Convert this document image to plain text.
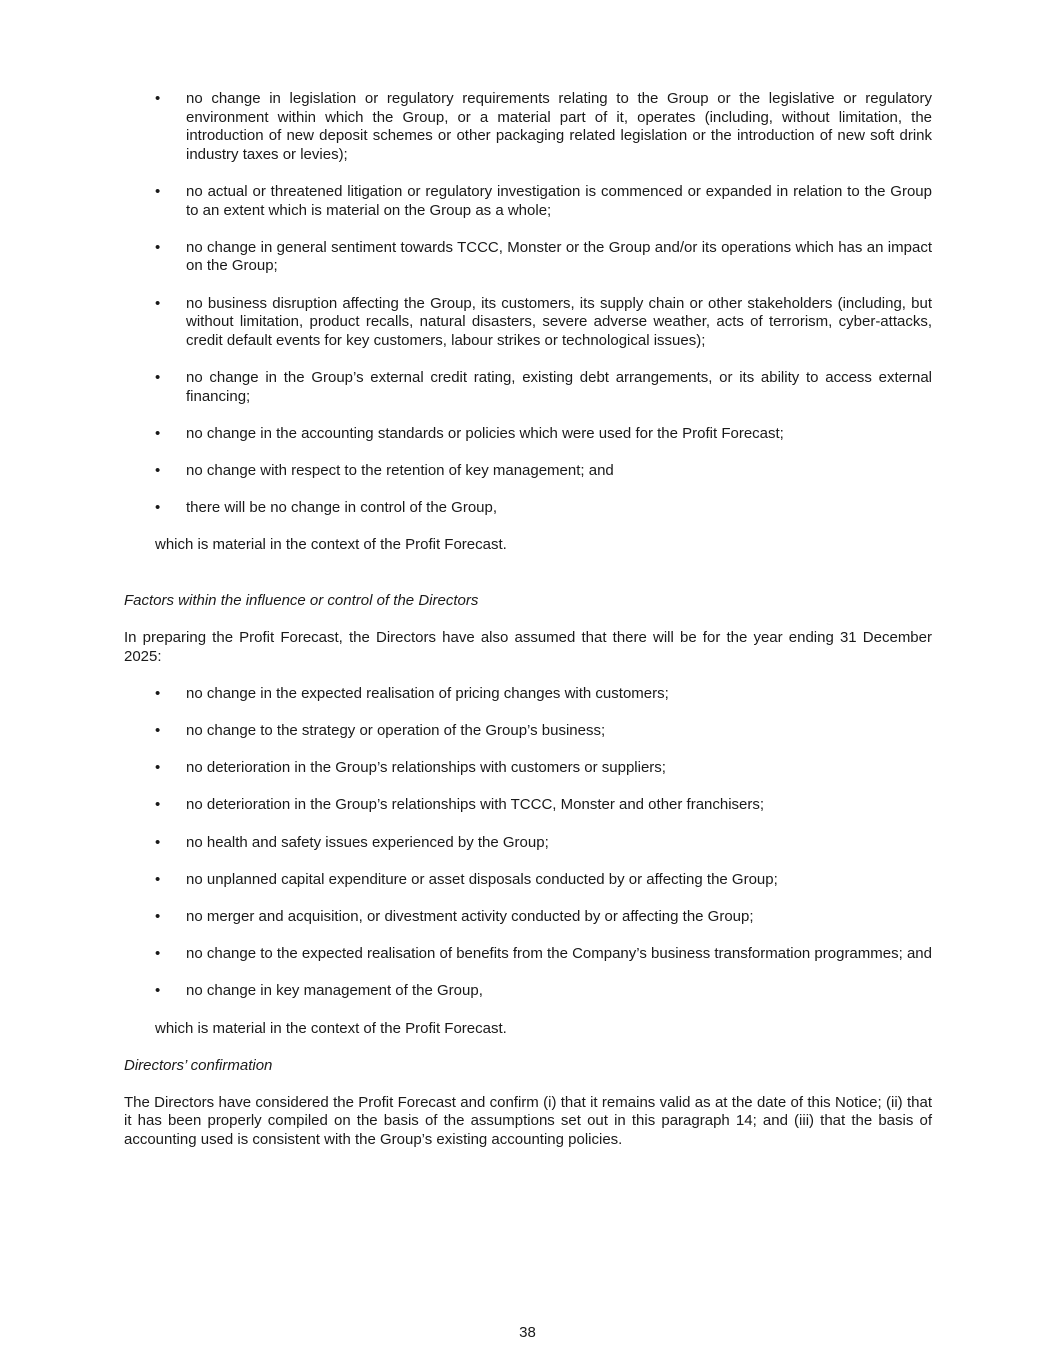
• no change in legislation or regulatory requirements relating to the Group or the legislative or regulatory environment within which the Group, or a material part of it, operates (including, without limitation, the introduction of new deposit schemes or other packaging related legislation or the introduction of new soft drink industry taxes or levies);
• no actual or threatened litigation or regulatory investigation is commenced or expanded in relation to the Group to an extent which is material on the Group as a whole;
• no change in general sentiment towards TCCC, Monster or the Group and/or its operations which has an impact on the Group;
• no business disruption affecting the Group, its customers, its supply chain or other stakeholders (including, but without limitation, product recalls, natural disasters, severe adverse weather, acts of terrorism, cyber-attacks, credit default events for key customers, labour strikes or technological issues);
• no change in the Group’s external credit rating, existing debt arrangements, or its ability to access external financing;
• no change in the accounting standards or policies which were used for the Profit Forecast;
• no change with respect to the retention of key management; and
• there will be no change in control of the Group,

which is material in the context of the Profit Forecast.

Factors within the influence or control of the Directors

In preparing the Profit Forecast, the Directors have also assumed that there will be for the year ending 31 December 2025:

• no change in the expected realisation of pricing changes with customers;
• no change to the strategy or operation of the Group’s business;
• no deterioration in the Group’s relationships with customers or suppliers;
• no deterioration in the Group’s relationships with TCCC, Monster and other franchisers;
• no health and safety issues experienced by the Group;
• no unplanned capital expenditure or asset disposals conducted by or affecting the Group;
• no merger and acquisition, or divestment activity conducted by or affecting the Group;
• no change to the expected realisation of benefits from the Company’s business transformation programmes; and
• no change in key management of the Group,

which is material in the context of the Profit Forecast.

Directors’ confirmation

The Directors have considered the Profit Forecast and confirm (i) that it remains valid as at the date of this Notice; (ii) that it has been properly compiled on the basis of the assumptions set out in this paragraph 14; and (iii) that the basis of accounting used is consistent with the Group’s existing accounting policies.

38
